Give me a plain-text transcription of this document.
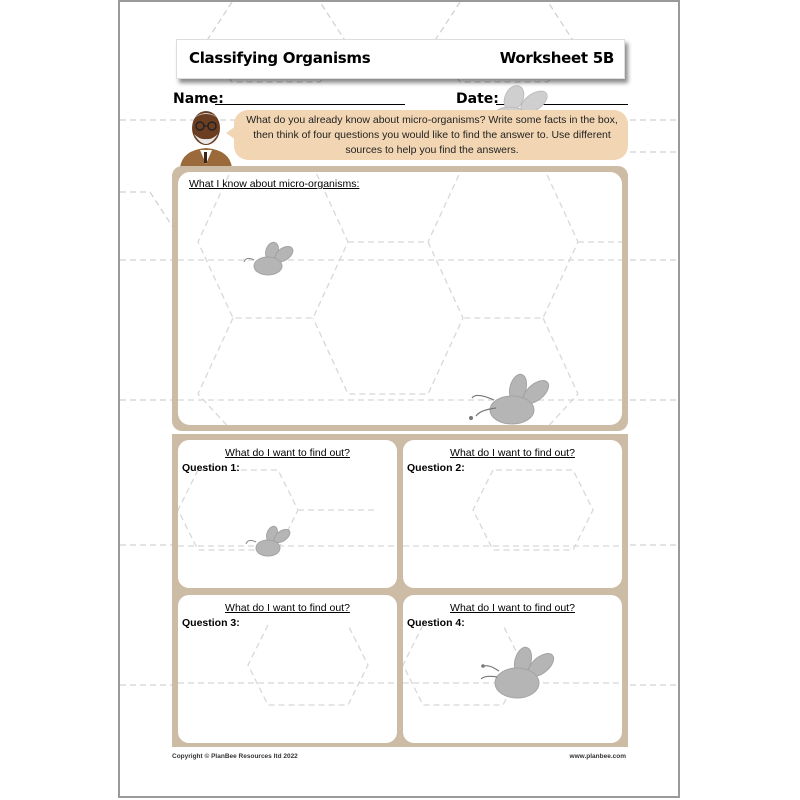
Classifying Organisms	Worksheet 5B
Name:	Date:
What do you already know about micro-organisms? Write some facts in the box, then think of four questions you would like to find the answer to. Use different sources to help you find the answers.
What I know about micro-organisms:
What do I want to find out?
Question 1:
What do I want to find out?
Question 2:
What do I want to find out?
Question 3:
What do I want to find out?
Question 4:
Copyright © PlanBee Resources ltd 2022	www.planbee.com
